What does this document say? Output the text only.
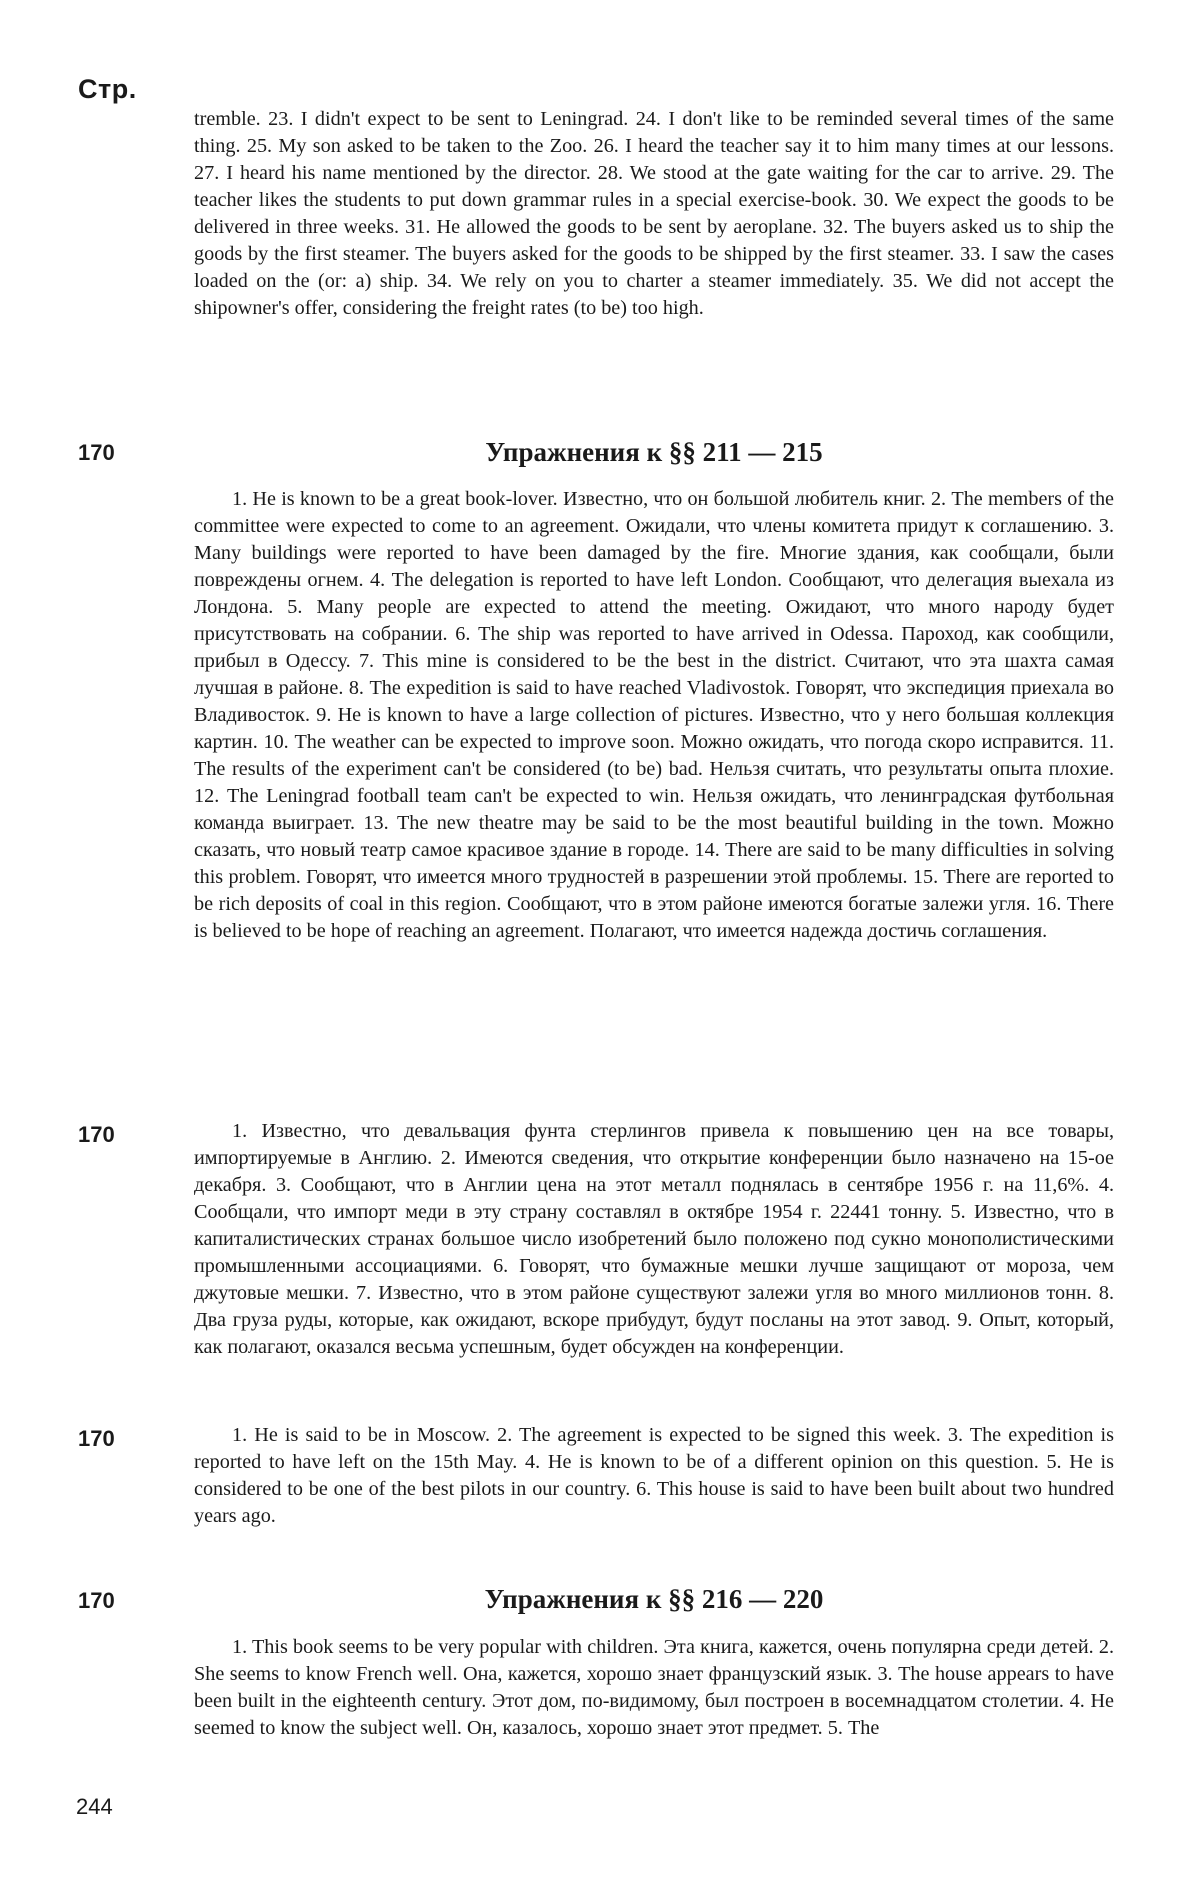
Стр.

tremble. 23. I didn't expect to be sent to Leningrad. 24. I don't like to be reminded several times of the same thing. 25. My son asked to be taken to the Zoo. 26. I heard the teacher say it to him many times at our lessons. 27. I heard his name mentioned by the director. 28. We stood at the gate waiting for the car to arrive. 29. The teacher likes the students to put down grammar rules in a special exercise-book. 30. We expect the goods to be delivered in three weeks. 31. He allowed the goods to be sent by aeroplane. 32. The buyers asked us to ship the goods by the first steamer. The buyers asked for the goods to be shipped by the first steamer. 33. I saw the cases loaded on the (or: a) ship. 34. We rely on you to charter a steamer immediately. 35. We did not accept the shipowner's offer, considering the freight rates (to be) too high.

170	Упражнения к §§ 211 — 215

1. He is known to be a great book-lover. Известно, что он большой любитель книг. 2. The members of the committee were expected to come to an agreement. Ожидали, что члены комитета придут к соглашению. 3. Many buildings were reported to have been damaged by the fire. Многие здания, как сообщали, были повреждены огнем. 4. The delegation is reported to have left London. Сообщают, что делегация выехала из Лондона. 5. Many people are expected to attend the meeting. Ожидают, что много народу будет присутствовать на собрании. 6. The ship was reported to have arrived in Odessa. Пароход, как сообщили, прибыл в Одессу. 7. This mine is considered to be the best in the district. Считают, что эта шахта самая лучшая в районе. 8. The expedition is said to have reached Vladivostok. Говорят, что экспедиция приехала во Владивосток. 9. He is known to have a large collection of pictures. Известно, что у него большая коллекция картин. 10. The weather can be expected to improve soon. Можно ожидать, что погода скоро исправится. 11. The results of the experiment can't be considered (to be) bad. Нельзя считать, что результаты опыта плохие. 12. The Leningrad football team can't be expected to win. Нельзя ожидать, что ленинградская футбольная команда выиграет. 13. The new theatre may be said to be the most beautiful building in the town. Можно сказать, что новый театр самое красивое здание в городе. 14. There are said to be many difficulties in solving this problem. Говорят, что имеется много трудностей в разрешении этой проблемы. 15. There are reported to be rich deposits of coal in this region. Сообщают, что в этом районе имеются богатые залежи угля. 16. There is believed to be hope of reaching an agreement. Полагают, что имеется надежда достичь соглашения.

170	1. Известно, что девальвация фунта стерлингов привела к повышению цен на все товары, импортируемые в Англию. 2. Имеются сведения, что открытие конференции было назначено на 15-ое декабря. 3. Сообщают, что в Англии цена на этот металл поднялась в сентябре 1956 г. на 11,6%. 4. Сообщали, что импорт меди в эту страну составлял в октябре 1954 г. 22441 тонну. 5. Известно, что в капиталистических странах большое число изобретений было положено под сукно монополистическими промышленными ассоциациями. 6. Говорят, что бумажные мешки лучше защищают от мороза, чем джутовые мешки. 7. Известно, что в этом районе существуют залежи угля во много миллионов тонн. 8. Два груза руды, которые, как ожидают, вскоре прибудут, будут посланы на этот завод. 9. Опыт, который, как полагают, оказался весьма успешным, будет обсужден на конференции.

170	1. He is said to be in Moscow. 2. The agreement is expected to be signed this week. 3. The expedition is reported to have left on the 15th May. 4. He is known to be of a different opinion on this question. 5. He is considered to be one of the best pilots in our country. 6. This house is said to have been built about two hundred years ago.

170	Упражнения к §§ 216 — 220

1. This book seems to be very popular with children. Эта книга, кажется, очень популярна среди детей. 2. She seems to know French well. Она, кажется, хорошо знает французский язык. 3. The house appears to have been built in the eighteenth century. Этот дом, по-видимому, был построен в восемнадцатом столетии. 4. He seemed to know the subject well. Он, казалось, хорошо знает этот предмет. 5. The

244
